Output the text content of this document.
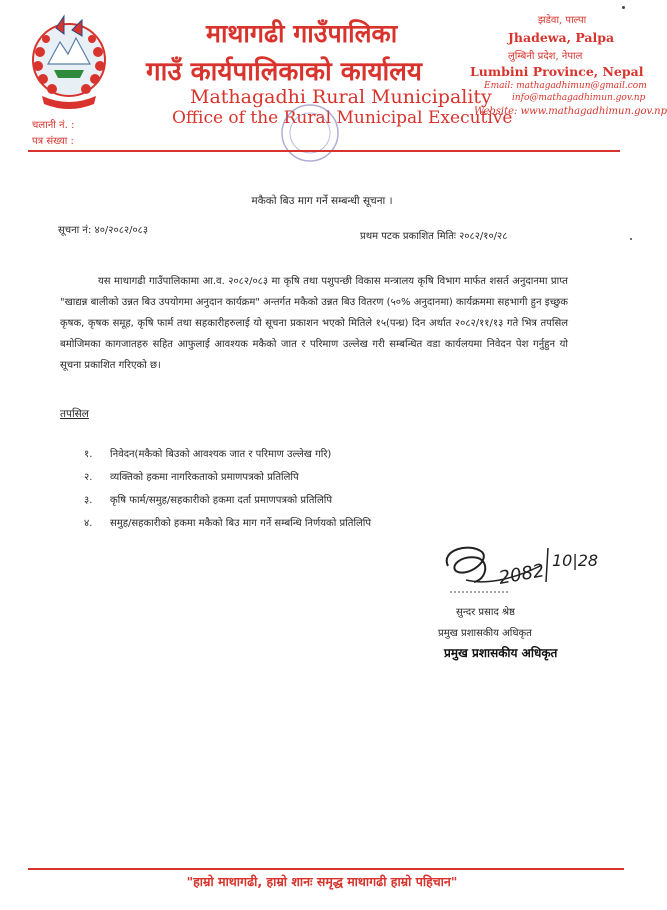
माथागढी गाउँपालिका
गाउँ कार्यपालिकाको कार्यालय
Mathagadhi Rural Municipality
Office of the Rural Municipal Executive
झडेवा, पाल्पा
Jhadewa, Palpa
लुम्बिनी प्रदेश, नेपाल
Lumbini Province, Nepal
Email: mathagadhimun@gmail.com
info@mathagadhimun.gov.np
Website: www.mathagadhimun.gov.np
चलानी नं. :
पत्र संख्या :
मकैको बिउ माग गर्ने सम्बन्धी सूचना ।
सूचना नं: ४०/२०८२/०८३
प्रथम पटक प्रकाशित मितिः २०८२/१०/२८

यस माथागढी गाउँपालिकामा आ.व. २०८२/०८३ मा कृषि तथा पशुपन्छी विकास मन्त्रालय कृषि विभाग मार्फत शसर्त अनुदानमा प्राप्त "खाद्यन्न बालीको उन्नत बिउ उपयोगमा अनुदान कार्यक्रम" अन्तर्गत मकैको उन्नत बिउ वितरण (५०% अनुदानमा) कार्यक्रममा सहभागी हुन इच्छुक कृषक, कृषक समूह, कृषि फार्म तथा सहकारीहरुलाई यो सूचना प्रकाशन भएको मितिले १५(पन्ध्र) दिन अर्थात २०८२/११/१३ गते भित्र तपसिल बमोजिमका कागजातहरु सहित आफुलाई आवश्यक मकैको जात र परिमाण उल्लेख गरी सम्बन्धित वडा कार्यलयमा निवेदन पेश गर्नुहुन यो सूचना प्रकाशित गरिएको छ।

तपसिल
१.	निवेदन(मकैको बिउको आवश्यक जात र परिमाण उल्लेख गरि)
२.	व्यक्तिको हकमा नागरिकताको प्रमाणपत्रको प्रतिलिपि
३.	कृषि फार्म/समुह/सहकारीको हकमा दर्ता प्रमाणपत्रको प्रतिलिपि
४.	समुह/सहकारीको हकमा मकैको बिउ माग गर्ने सम्बन्धि निर्णयको प्रतिलिपि
2082 10|28
सुन्दर प्रसाद श्रेष्ठ
प्रमुख प्रशासकीय अधिकृत
प्रमुख प्रशासकीय अधिकृत
"हाम्रो माथागढी, हाम्रो शानः समृद्ध माथागढी हाम्रो पहिचान"
